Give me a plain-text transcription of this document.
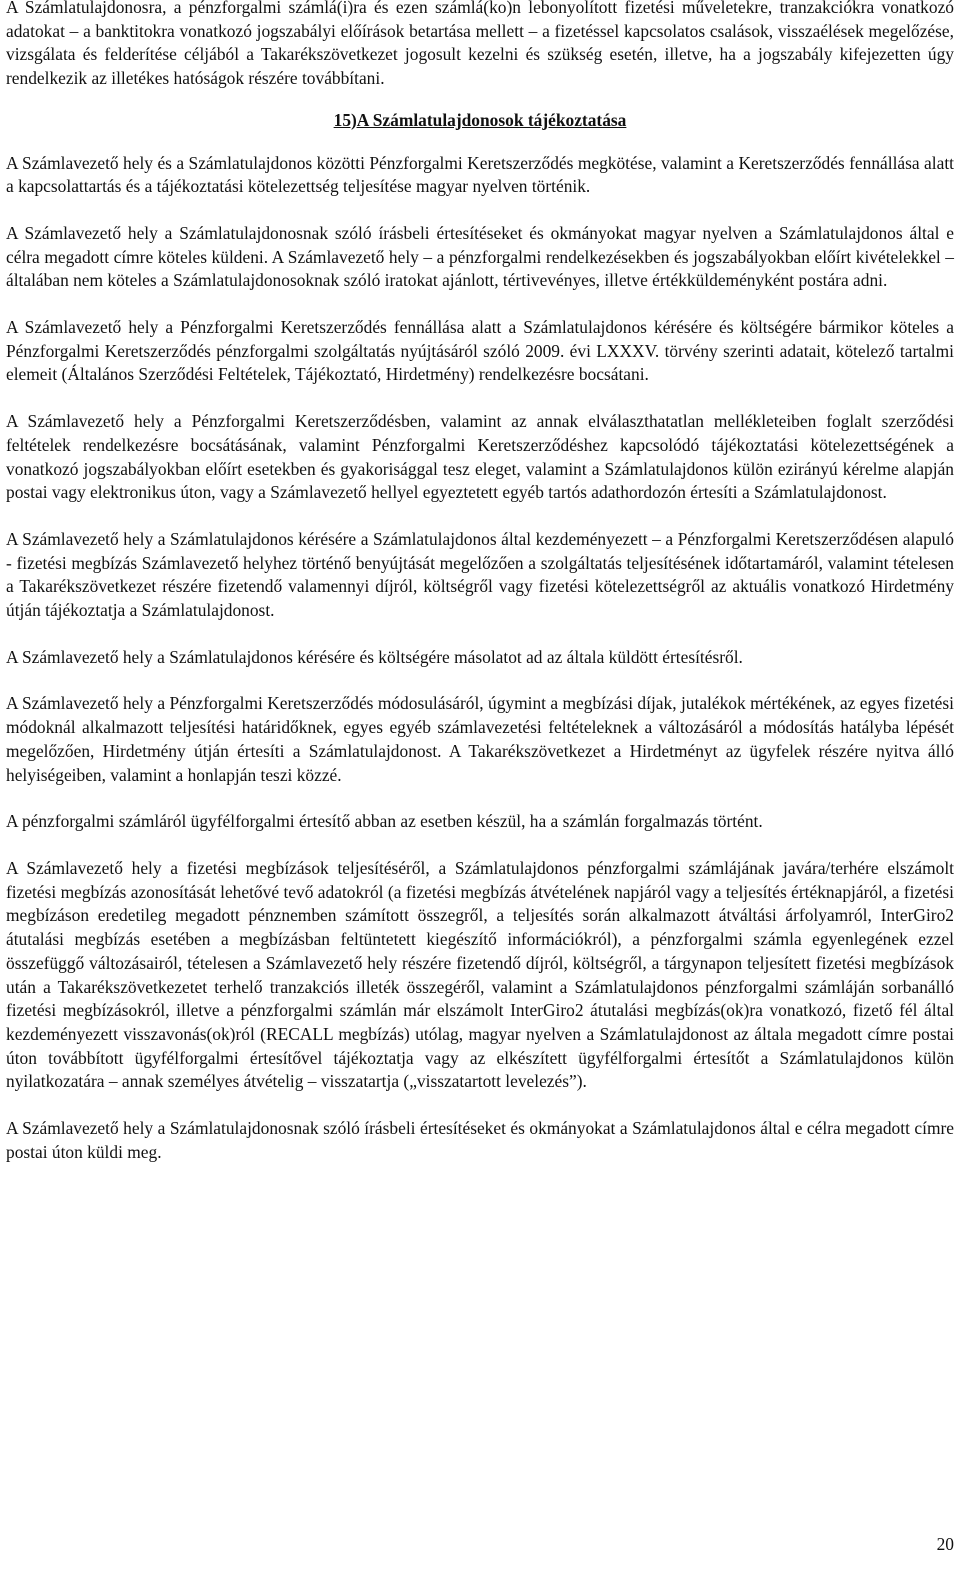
A Számlatulajdonosra, a pénzforgalmi számlá(i)ra és ezen számlá(ko)n lebonyolított fizetési műveletekre, tranzakciókra vonatkozó adatokat – a banktitokra vonatkozó jogszabályi előírások betartása mellett – a fizetéssel kapcsolatos csalások, visszaélések megelőzése, vizsgálata és felderítése céljából a Takarékszövetkezet jogosult kezelni és szükség esetén, illetve, ha a jogszabály kifejezetten úgy rendelkezik az illetékes hatóságok részére továbbítani.

15)A Számlatulajdonosok tájékoztatása

A Számlavezető hely és a Számlatulajdonos közötti Pénzforgalmi Keretszerződés megkötése, valamint a Keretszerződés fennállása alatt a kapcsolattartás és a tájékoztatási kötelezettség teljesítése magyar nyelven történik.

A Számlavezető hely a Számlatulajdonosnak szóló írásbeli értesítéseket és okmányokat magyar nyelven a Számlatulajdonos által e célra megadott címre köteles küldeni. A Számlavezető hely – a pénzforgalmi rendelkezésekben és jogszabályokban előírt kivételekkel – általában nem köteles a Számlatulajdonosoknak szóló iratokat ajánlott, tértivevényes, illetve értékküldeményként postára adni.

A Számlavezető hely a Pénzforgalmi Keretszerződés fennállása alatt a Számlatulajdonos kérésére és költségére bármikor köteles a Pénzforgalmi Keretszerződés pénzforgalmi szolgáltatás nyújtásáról szóló 2009. évi LXXXV. törvény szerinti adatait, kötelező tartalmi elemeit (Általános Szerződési Feltételek, Tájékoztató, Hirdetmény) rendelkezésre bocsátani.

A Számlavezető hely a Pénzforgalmi Keretszerződésben, valamint az annak elválaszthatatlan mellékleteiben foglalt szerződési feltételek rendelkezésre bocsátásának, valamint Pénzforgalmi Keretszerződéshez kapcsolódó tájékoztatási kötelezettségének a vonatkozó jogszabályokban előírt esetekben és gyakorisággal tesz eleget, valamint a Számlatulajdonos külön ezirányú kérelme alapján postai vagy elektronikus úton, vagy a Számlavezető hellyel egyeztetett egyéb tartós adathordozón értesíti a Számlatulajdonost.

A Számlavezető hely a Számlatulajdonos kérésére a Számlatulajdonos által kezdeményezett – a Pénzforgalmi Keretszerződésen alapuló - fizetési megbízás Számlavezető helyhez történő benyújtását megelőzően a szolgáltatás teljesítésének időtartamáról, valamint tételesen a Takarékszövetkezet részére fizetendő valamennyi díjról, költségről vagy fizetési kötelezettségről az aktuális vonatkozó Hirdetmény útján tájékoztatja a Számlatulajdonost.

A Számlavezető hely a Számlatulajdonos kérésére és költségére másolatot ad az általa küldött értesítésről.

A Számlavezető hely a Pénzforgalmi Keretszerződés módosulásáról, úgymint a megbízási díjak, jutalékok mértékének, az egyes fizetési módoknál alkalmazott teljesítési határidőknek, egyes egyéb számlavezetési feltételeknek a változásáról a módosítás hatályba lépését megelőzően, Hirdetmény útján értesíti a Számlatulajdonost. A Takarékszövetkezet a Hirdetményt az ügyfelek részére nyitva álló helyiségeiben, valamint a honlapján teszi közzé.

A pénzforgalmi számláról ügyfélforgalmi értesítő abban az esetben készül, ha a számlán forgalmazás történt.

A Számlavezető hely a fizetési megbízások teljesítéséről, a Számlatulajdonos pénzforgalmi számlájának javára/terhére elszámolt fizetési megbízás azonosítását lehetővé tevő adatokról (a fizetési megbízás átvételének napjáról vagy a teljesítés értéknapjáról, a fizetési megbízáson eredetileg megadott pénznemben számított összegről, a teljesítés során alkalmazott átváltási árfolyamról, InterGiro2 átutalási megbízás esetében a megbízásban feltüntetett kiegészítő információkról), a pénzforgalmi számla egyenlegének ezzel összefüggő változásairól, tételesen a Számlavezető hely részére fizetendő díjról, költségről, a tárgynapon teljesített fizetési megbízások után a Takarékszövetkezetet terhelő tranzakciós illeték összegéről, valamint a Számlatulajdonos pénzforgalmi számláján sorbanálló fizetési megbízásokról, illetve a pénzforgalmi számlán már elszámolt InterGiro2 átutalási megbízás(ok)ra vonatkozó, fizető fél által kezdeményezett visszavonás(ok)ról (RECALL megbízás) utólag, magyar nyelven a Számlatulajdonost az általa megadott címre postai úton továbbított ügyfélforgalmi értesítővel tájékoztatja vagy az elkészített ügyfélforgalmi értesítőt a Számlatulajdonos külön nyilatkozatára – annak személyes átvételig – visszatartja („visszatartott levelezés”).

A Számlavezető hely a Számlatulajdonosnak szóló írásbeli értesítéseket és okmányokat a Számlatulajdonos által e célra megadott címre postai úton küldi meg.

20
